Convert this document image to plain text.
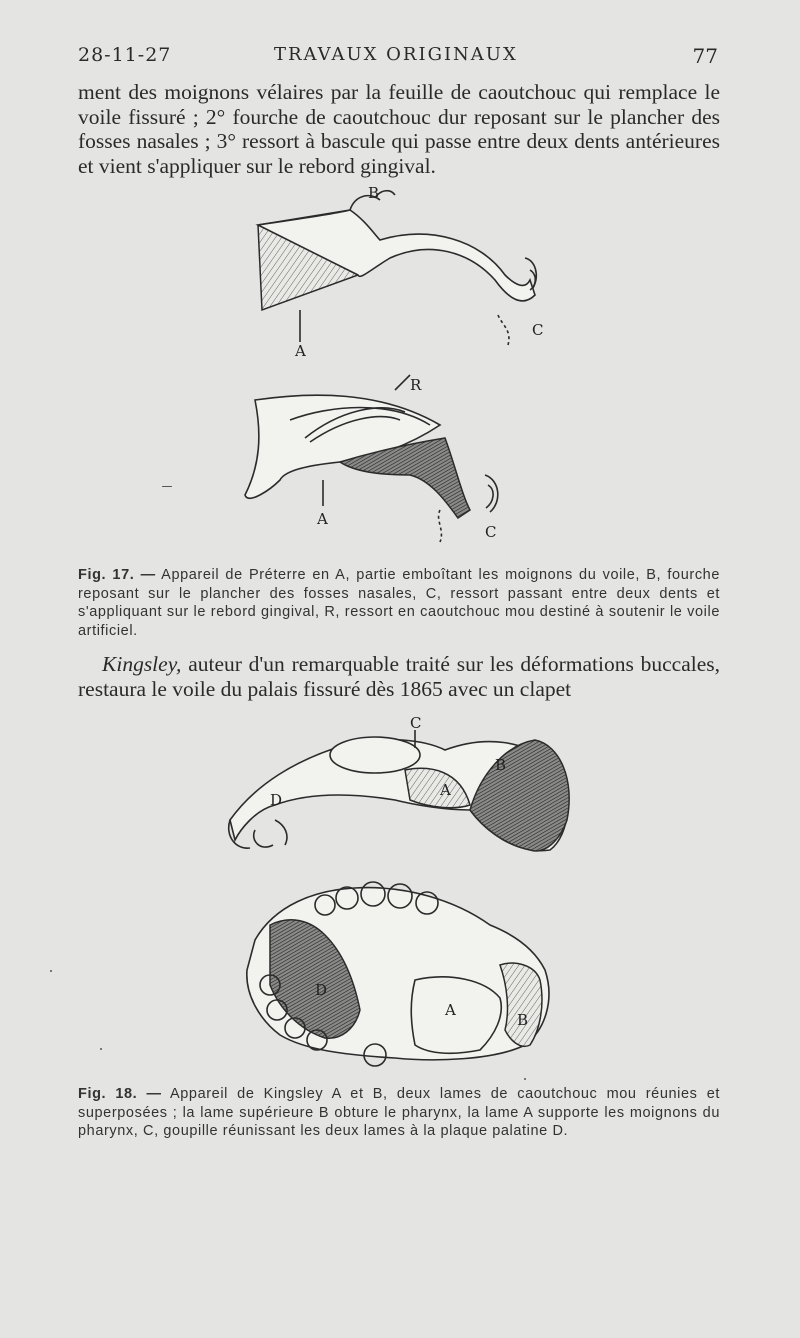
28-11-27	TRAVAUX ORIGINAUX	77
ment des moignons vélaires par la feuille de caoutchouc qui remplace le voile fissuré ; 2° fourche de caoutchouc dur reposant sur le plancher des fosses nasales ; 3° ressort à bascule qui passe entre deux dents antérieures et vient s'appliquer sur le rebord gingival.
A
B
C
R
A
C
Fig. 17. — Appareil de Préterre en A, partie emboîtant les moignons du voile, B, fourche reposant sur le plancher des fosses nasales, C, ressort passant entre deux dents et s'appliquant sur le rebord gingival, R, ressort en caoutchouc mou destiné à soutenir le voile artificiel.
Kingsley, auteur d'un remarquable traité sur les déformations buccales, restaura le voile du palais fissuré dès 1865 avec un clapet
C
B
A
D
D
A
B
Fig. 18. — Appareil de Kingsley A et B, deux lames de caoutchouc mou réunies et superposées ; la lame supérieure B obture le pharynx, la lame A supporte les moignons du pharynx, C, goupille réunissant les deux lames à la plaque palatine D.
